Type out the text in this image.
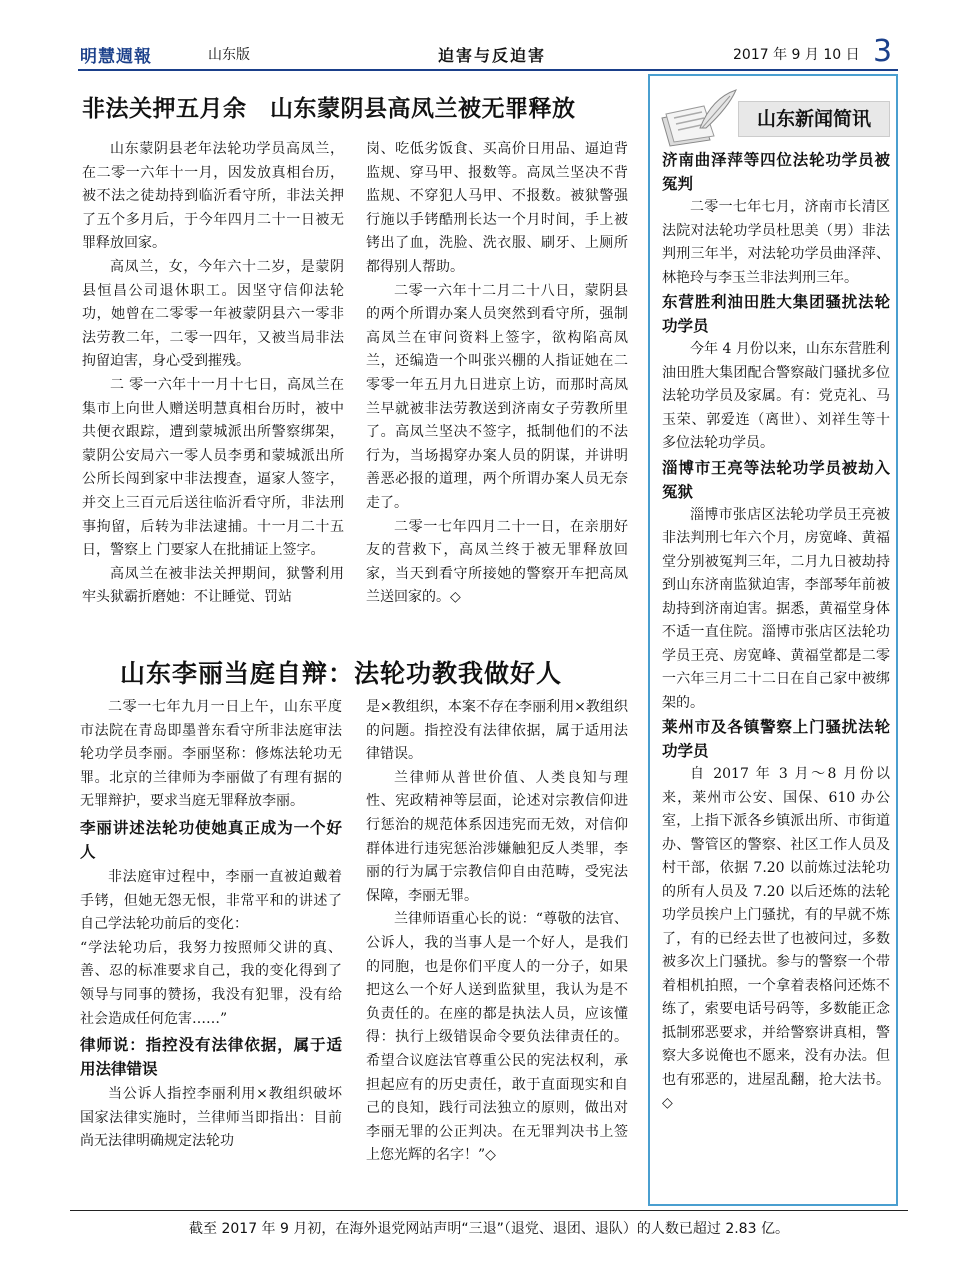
明慧週報	山东版	迫害与反迫害	2017 年 9 月 10 日 3
非法关押五月余　山东蒙阴县高凤兰被无罪释放

山东蒙阴县老年法轮功学员高凤兰，在二零一六年十一月，因发放真相台历，被不法之徒劫持到临沂看守所，非法关押了五个多月后，于今年四月二十一日被无罪释放回家。

高凤兰，女，今年六十二岁，是蒙阴县恒昌公司退休职工。因坚守信仰法轮功，她曾在二零零一年被蒙阴县六一零非法劳教二年，二零一四年，又被当局非法拘留迫害，身心受到摧残。

二 零一六年十一月十七日，高凤兰在集市上向世人赠送明慧真相台历时，被中共便衣跟踪，遭到蒙城派出所警察绑架，蒙阴公安局六一零人员李勇和蒙城派出所公所长闯到家中非法搜查，逼家人签字，并交上三百元后送往临沂看守所，非法刑事拘留，后转为非法逮捕。十一月二十五日，警察上 门要家人在批捕证上签字。

高凤兰在被非法关押期间，狱警利用牢头狱霸折磨她：不让睡觉、罚站

岗、吃低劣饭食、买高价日用品、逼迫背监规、穿马甲、报数等。高凤兰坚决不背监规、不穿犯人马甲、不报数。被狱警强行施以手铐酷刑长达一个月时间，手上被铐出了血，洗脸、洗衣服、刷牙、上厕所都得别人帮助。

二零一六年十二月二十八日，蒙阴县的两个所谓办案人员突然到看守所，强制高凤兰在审问资料上签字，欲构陷高凤兰，还编造一个叫张兴棚的人指证她在二零零一年五月九日进京上访，而那时高凤兰早就被非法劳教送到济南女子劳教所里了。高凤兰坚决不签字，抵制他们的不法行为，当场揭穿办案人员的阴谋，并讲明善恶必报的道理，两个所谓办案人员无奈走了。

二零一七年四月二十一日，在亲朋好友的营救下，高凤兰终于被无罪释放回家，当天到看守所接她的警察开车把高凤兰送回家的。◇

山东李丽当庭自辩：法轮功教我做好人

二零一七年九月一日上午，山东平度市法院在青岛即墨普东看守所非法庭审法轮功学员李丽。李丽坚称：修炼法轮功无罪。北京的兰律师为李丽做了有理有据的无罪辩护，要求当庭无罪释放李丽。

李丽讲述法轮功使她真正成为一个好人

非法庭审过程中，李丽一直被迫戴着手铐，但她无怨无恨，非常平和的讲述了自己学法轮功前后的变化：

“学法轮功后，我努力按照师父讲的真、善、忍的标准要求自己，我的变化得到了领导与同事的赞扬，我没有犯罪，没有给社会造成任何危害……”

律师说：指控没有法律依据，属于适用法律错误

当公诉人指控李丽利用×教组织破坏国家法律实施时，兰律师当即指出：目前尚无法律明确规定法轮功

是×教组织，本案不存在李丽利用×教组织的问题。指控没有法律依据，属于适用法律错误。

兰律师从普世价值、人类良知与理性、宪政精神等层面，论述对宗教信仰进行惩治的规范体系因违宪而无效，对信仰群体进行违宪惩治涉嫌触犯反人类罪，李丽的行为属于宗教信仰自由范畴，受宪法保障，李丽无罪。

兰律师语重心长的说：“尊敬的法官、公诉人，我的当事人是一个好人，是我们的同胞，也是你们平度人的一分子，如果把这么一个好人送到监狱里，我认为是不负责任的。在座的都是执法人员，应该懂得：执行上级错误命令要负法律责任的。希望合议庭法官尊重公民的宪法权利，承担起应有的历史责任，敢于直面现实和自己的良知，践行司法独立的原则，做出对李丽无罪的公正判决。在无罪判决书上签上您光辉的名字！”◇

山东新闻简讯
济南曲泽萍等四位法轮功学员被冤判

二零一七年七月，济南市长清区法院对法轮功学员杜思美（男）非法判刑三年半，对法轮功学员曲泽萍、林艳玲与李玉兰非法判刑三年。

东营胜利油田胜大集团骚扰法轮功学员

今年 4 月份以来，山东东营胜利油田胜大集团配合警察敲门骚扰多位法轮功学员及家属。有：党克礼、马玉荣、郭爱连（离世）、刘祥生等十多位法轮功学员。

淄博市王亮等法轮功学员被劫入冤狱

淄博市张店区法轮功学员王亮被非法判刑七年六个月，房宽峰、黄福堂分别被冤判三年，二月九日被劫持到山东济南监狱迫害，李部琴年前被劫持到济南迫害。据悉，黄福堂身体不适一直住院。淄博市张店区法轮功学员王亮、房宽峰、黄福堂都是二零一六年三月二十二日在自己家中被绑架的。

莱州市及各镇警察上门骚扰法轮功学员

自 2017 年 3 月～8 月份以来，莱州市公安、国保、610 办公室，上指下派各乡镇派出所、市街道办、警管区的警察、社区工作人员及村干部，依据 7.20 以前炼过法轮功的所有人员及 7.20 以后还炼的法轮功学员挨户上门骚扰，有的早就不炼了，有的已经去世了也被问过，多数被多次上门骚扰。参与的警察一个带着相机拍照，一个拿着表格问还炼不练了，索要电话号码等，多数能正念抵制邪恶要求，并给警察讲真相，警察大多说俺也不愿来，没有办法。但也有邪恶的，进屋乱翻，抢大法书。◇

截至 2017 年 9 月初，在海外退党网站声明“三退”（退党、退团、退队）的人数已超过 2.83 亿。
